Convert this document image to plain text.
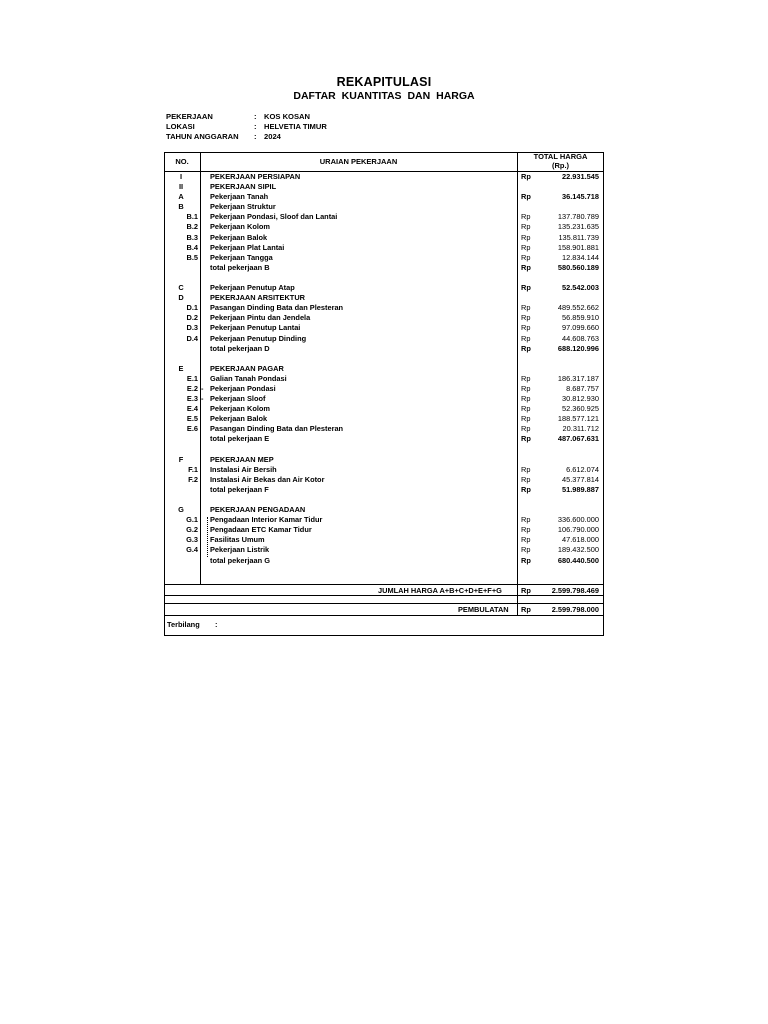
REKAPITULASI
DAFTAR KUANTITAS DAN HARGA
PEKERJAAN	: KOS KOSAN
LOKASI	: HELVETIA TIMUR
TAHUN ANGGARAN	: 2024
NO.	URAIAN PEKERJAAN
TOTAL HARGA
(Rp.)
I	PEKERJAAN PERSIAPAN	Rp	22.931.545
II	PEKERJAAN SIPIL
A	Pekerjaan Tanah	Rp	36.145.718
B	Pekerjaan Struktur
B.1 Pekerjaan Pondasi, Sloof dan Lantai	Rp	137.780.789
B.2 Pekerjaan Kolom	Rp	135.231.635
B.3 Pekerjaan Balok	Rp	135.811.739
B.4 Pekerjaan Plat Lantai	Rp	158.901.881
B.5 Pekerjaan Tangga	Rp	12.834.144
total pekerjaan B	Rp	580.560.189
C	Pekerjaan Penutup Atap	Rp	52.542.003
D	PEKERJAAN ARSITEKTUR
D.1 Pasangan Dinding Bata dan Plesteran	Rp	489.552.662
D.2 Pekerjaan Pintu dan Jendela	Rp	56.859.910
D.3 Pekerjaan Penutup Lantai	Rp	97.099.660
D.4 Pekerjaan Penutup Dinding	Rp	44.608.763
total pekerjaan D	Rp	688.120.996
E	PEKERJAAN PAGAR
E.1 Galian Tanah Pondasi	Rp	186.317.187
E.2 - Pekerjaan Pondasi	Rp	8.687.757
E.3 - Pekerjaan Sloof	Rp	30.812.930
E.4 Pekerjaan Kolom	Rp	52.360.925
E.5 Pekerjaan Balok	Rp	188.577.121
E.6 Pasangan Dinding Bata dan Plesteran	Rp	20.311.712
total pekerjaan E	Rp	487.067.631
F	PEKERJAAN MEP
F.1 Instalasi Air Bersih	Rp	6.612.074
F.2 Instalasi Air Bekas dan Air Kotor	Rp	45.377.814
total pekerjaan F	Rp	51.989.887
G	PEKERJAAN PENGADAAN
G.1 Pengadaan Interior Kamar Tidur	Rp	336.600.000
G.2 Pengadaan ETC Kamar Tidur	Rp	106.790.000
G.3 Fasilitas Umum	Rp	47.618.000
G.4 Pekerjaan Listrik	Rp	189.432.500
total pekerjaan G	Rp	680.440.500
JUMLAH HARGA A+B+C+D+E+F+G	Rp	2.599.798.469
PEMBULATAN Rp	2.599.798.000
Terbilang :
